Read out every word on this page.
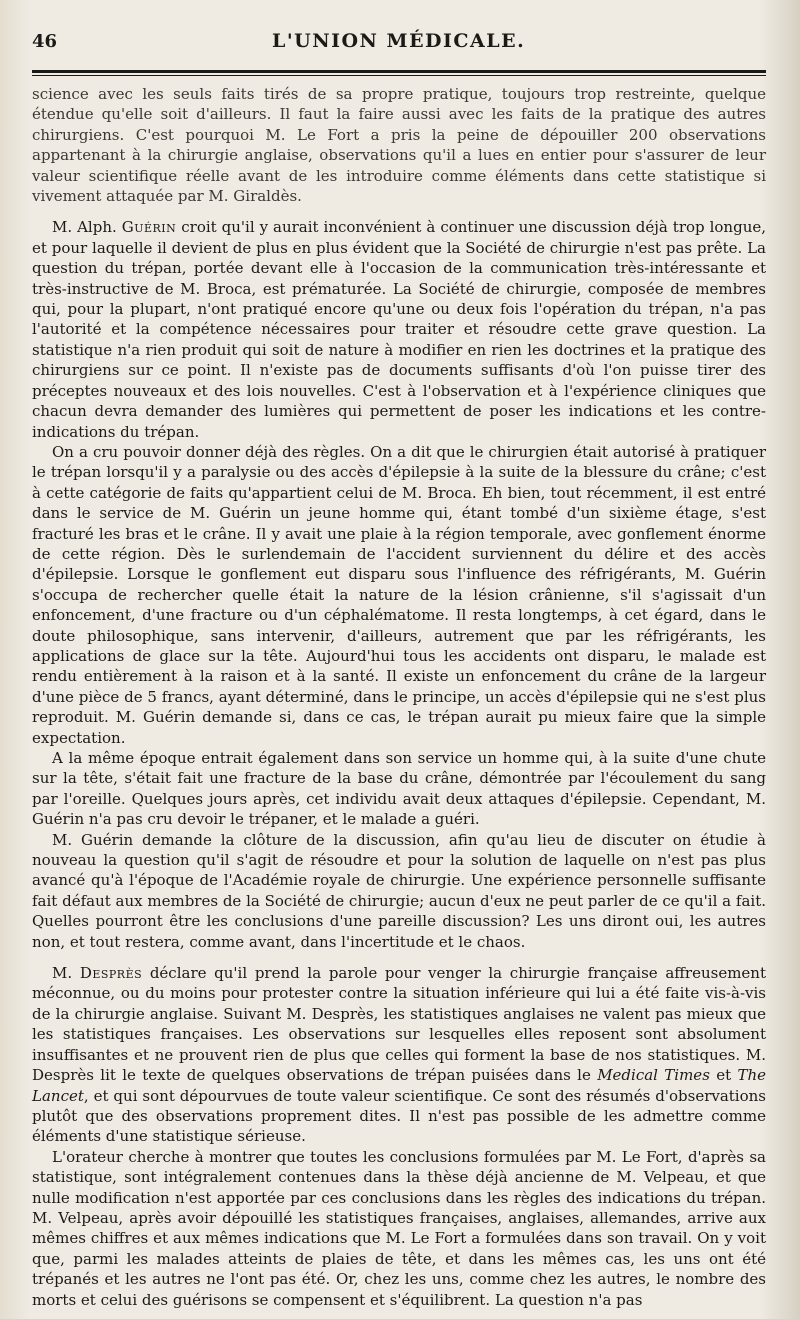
46	L'UNION MÉDICALE.

science avec les seuls faits tirés de sa propre pratique, toujours trop restreinte, quelque étendue qu'elle soit d'ailleurs. Il faut la faire aussi avec les faits de la pratique des autres chirurgiens. C'est pourquoi M. Le Fort a pris la peine de dépouiller 200 observations appartenant à la chirurgie anglaise, observations qu'il a lues en entier pour s'assurer de leur valeur scientifique réelle avant de les introduire comme éléments dans cette statistique si vivement attaquée par M. Giraldès.

M. Alph. Guérin croit qu'il y aurait inconvénient à continuer une discussion déjà trop longue, et pour laquelle il devient de plus en plus évident que la Société de chirurgie n'est pas prête. La question du trépan, portée devant elle à l'occasion de la communication très-intéressante et très-instructive de M. Broca, est prématurée. La Société de chirurgie, composée de membres qui, pour la plupart, n'ont pratiqué encore qu'une ou deux fois l'opération du trépan, n'a pas l'autorité et la compétence nécessaires pour traiter et résoudre cette grave question. La statistique n'a rien produit qui soit de nature à modifier en rien les doctrines et la pratique des chirurgiens sur ce point. Il n'existe pas de documents suffisants d'où l'on puisse tirer des préceptes nouveaux et des lois nouvelles. C'est à l'observation et à l'expérience cliniques que chacun devra demander des lumières qui permettent de poser les indications et les contre-indications du trépan.

On a cru pouvoir donner déjà des règles. On a dit que le chirurgien était autorisé à pratiquer le trépan lorsqu'il y a paralysie ou des accès d'épilepsie à la suite de la blessure du crâne; c'est à cette catégorie de faits qu'appartient celui de M. Broca. Eh bien, tout récemment, il est entré dans le service de M. Guérin un jeune homme qui, étant tombé d'un sixième étage, s'est fracturé les bras et le crâne. Il y avait une plaie à la région temporale, avec gonflement énorme de cette région. Dès le surlendemain de l'accident surviennent du délire et des accès d'épilepsie. Lorsque le gonflement eut disparu sous l'influence des réfrigérants, M. Guérin s'occupa de rechercher quelle était la nature de la lésion crânienne, s'il s'agissait d'un enfoncement, d'une fracture ou d'un céphalématome. Il resta longtemps, à cet égard, dans le doute philosophique, sans intervenir, d'ailleurs, autrement que par les réfrigérants, les applications de glace sur la tête. Aujourd'hui tous les accidents ont disparu, le malade est rendu entièrement à la raison et à la santé. Il existe un enfoncement du crâne de la largeur d'une pièce de 5 francs, ayant déterminé, dans le principe, un accès d'épilepsie qui ne s'est plus reproduit. M. Guérin demande si, dans ce cas, le trépan aurait pu mieux faire que la simple expectation.

A la même époque entrait également dans son service un homme qui, à la suite d'une chute sur la tête, s'était fait une fracture de la base du crâne, démontrée par l'écoulement du sang par l'oreille. Quelques jours après, cet individu avait deux attaques d'épilepsie. Cependant, M. Guérin n'a pas cru devoir le trépaner, et le malade a guéri.

M. Guérin demande la clôture de la discussion, afin qu'au lieu de discuter on étudie à nouveau la question qu'il s'agit de résoudre et pour la solution de laquelle on n'est pas plus avancé qu'à l'époque de l'Académie royale de chirurgie. Une expérience personnelle suffisante fait défaut aux membres de la Société de chirurgie; aucun d'eux ne peut parler de ce qu'il a fait. Quelles pourront être les conclusions d'une pareille discussion? Les uns diront oui, les autres non, et tout restera, comme avant, dans l'incertitude et le chaos.

M. Desprès déclare qu'il prend la parole pour venger la chirurgie française affreusement méconnue, ou du moins pour protester contre la situation inférieure qui lui a été faite vis-à-vis de la chirurgie anglaise. Suivant M. Desprès, les statistiques anglaises ne valent pas mieux que les statistiques françaises. Les observations sur lesquelles elles reposent sont absolument insuffisantes et ne prouvent rien de plus que celles qui forment la base de nos statistiques. M. Desprès lit le texte de quelques observations de trépan puisées dans le Medical Times et The Lancet, et qui sont dépourvues de toute valeur scientifique. Ce sont des résumés d'observations plutôt que des observations proprement dites. Il n'est pas possible de les admettre comme éléments d'une statistique sérieuse.

L'orateur cherche à montrer que toutes les conclusions formulées par M. Le Fort, d'après sa statistique, sont intégralement contenues dans la thèse déjà ancienne de M. Velpeau, et que nulle modification n'est apportée par ces conclusions dans les règles des indications du trépan. M. Velpeau, après avoir dépouillé les statistiques françaises, anglaises, allemandes, arrive aux mêmes chiffres et aux mêmes indications que M. Le Fort a formulées dans son travail. On y voit que, parmi les malades atteints de plaies de tête, et dans les mêmes cas, les uns ont été trépanés et les autres ne l'ont pas été. Or, chez les uns, comme chez les autres, le nombre des morts et celui des guérisons se compensent et s'équilibrent. La question n'a pas
